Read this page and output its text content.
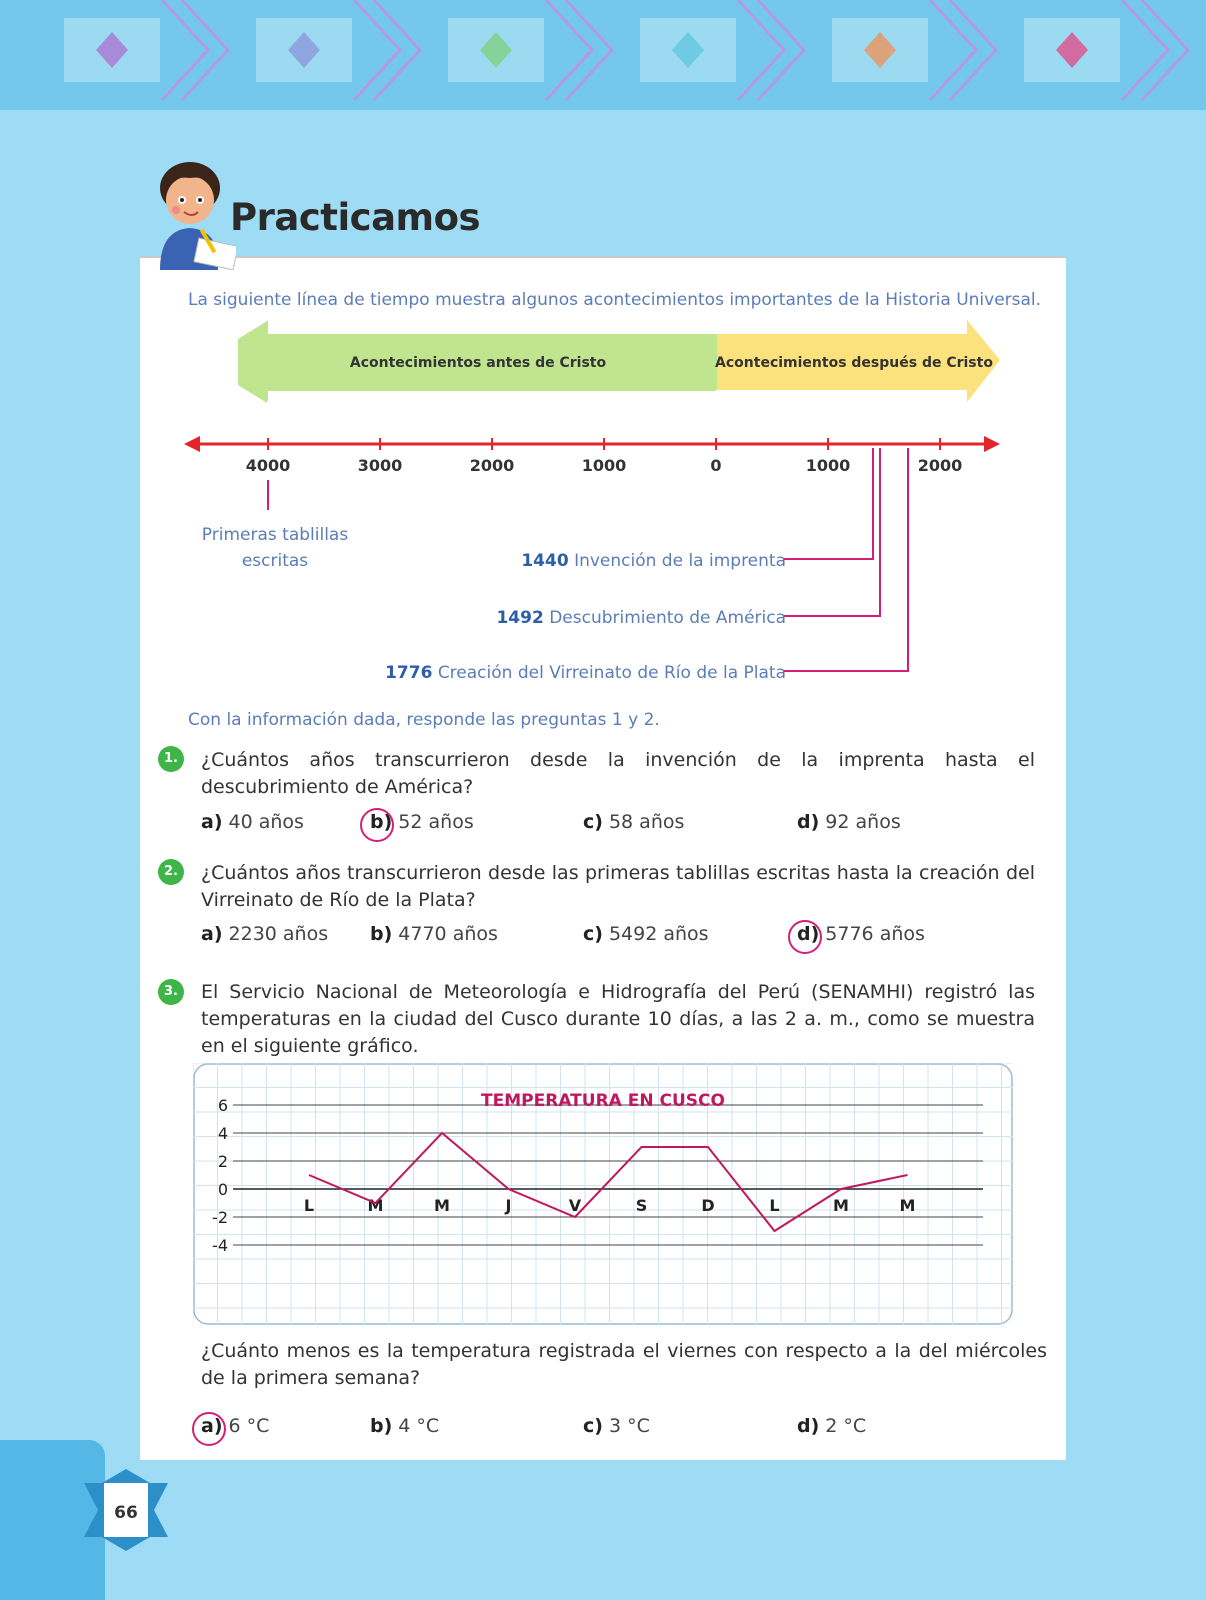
Practicamos
La siguiente línea de tiempo muestra algunos acontecimientos importantes de la Historia Universal.
Acontecimientos antes de Cristo	Acontecimientos después de Cristo
4000	3000	2000	1000	0	1000	2000
Primeras tablillas escritas	1440 Invención de la imprenta
1492 Descubrimiento de América
1776 Creación del Virreinato de Río de la Plata
Con la información dada, responde las preguntas 1 y 2.
1.	¿Cuántos años transcurrieron desde la invención de la imprenta hasta el descubrimiento de América?
a) 40 años	b) 52 años	c) 58 años	d) 92 años
2.	¿Cuántos años transcurrieron desde las primeras tablillas escritas hasta la creación del Virreinato de Río de la Plata?
a) 2230 años b) 4770 años	c) 5492 años	d) 5776 años
3.	El Servicio Nacional de Meteorología e Hidrografía del Perú (SENAMHI) registró las temperaturas en la ciudad del Cusco durante 10 días, a las 2 a. m., como se muestra en el siguiente gráfico.
6
4
2
0
-2
-4
L	M	M	J	V	S	D	L	M	M
TEMPERATURA EN CUSCO
¿Cuánto menos es la temperatura registrada el viernes con respecto a la del miércoles de la primera semana?
a) 6 °C	b) 4 °C	c) 3 °C	d) 2 °C
66
